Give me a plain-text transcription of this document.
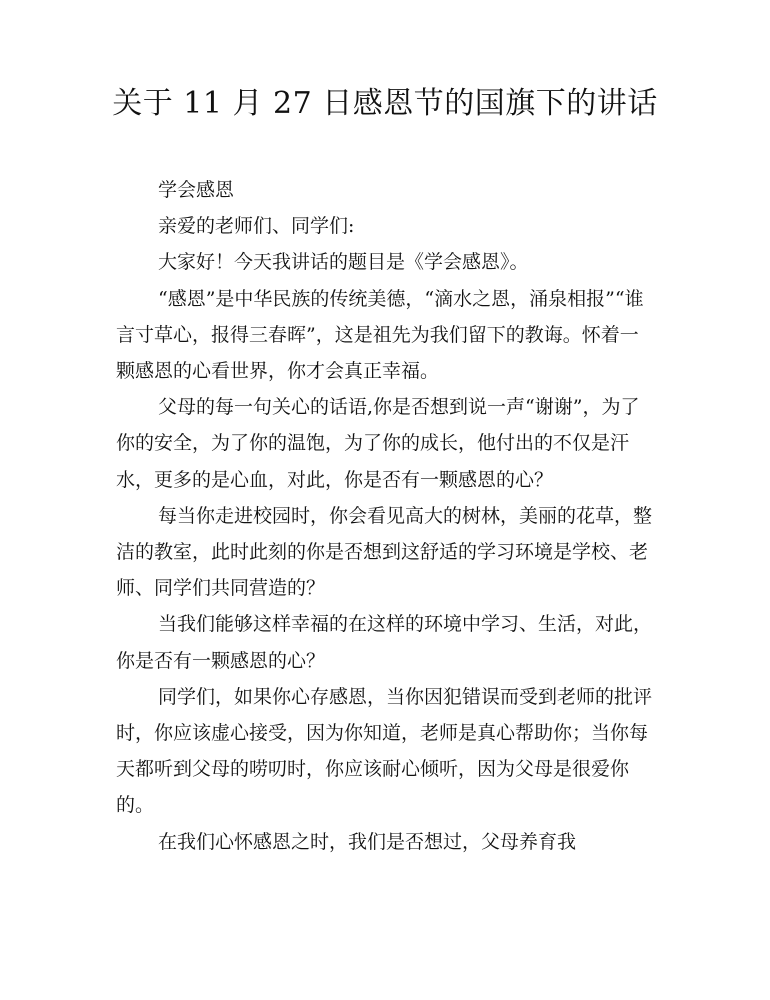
关于 11 月 27 日感恩节的国旗下的讲话

学会感恩

亲爱的老师们、同学们:

大家好！今天我讲话的题目是《学会感恩》。

“感恩”是中华民族的传统美德，“滴水之恩，涌泉相报”“谁言寸草心，报得三春晖”，这是祖先为我们留下的教诲。怀着一颗感恩的心看世界，你才会真正幸福。

父母的每一句关心的话语,你是否想到说一声“谢谢”，为了你的安全，为了你的温饱，为了你的成长，他付出的不仅是汗水，更多的是心血，对此，你是否有一颗感恩的心？

每当你走进校园时，你会看见高大的树林，美丽的花草，整洁的教室，此时此刻的你是否想到这舒适的学习环境是学校、老师、同学们共同营造的？

当我们能够这样幸福的在这样的环境中学习、生活，对此，你是否有一颗感恩的心？

同学们，如果你心存感恩，当你因犯错误而受到老师的批评时，你应该虚心接受，因为你知道，老师是真心帮助你；当你每天都听到父母的唠叨时，你应该耐心倾听，因为父母是很爱你的。

在我们心怀感恩之时，我们是否想过，父母养育我
